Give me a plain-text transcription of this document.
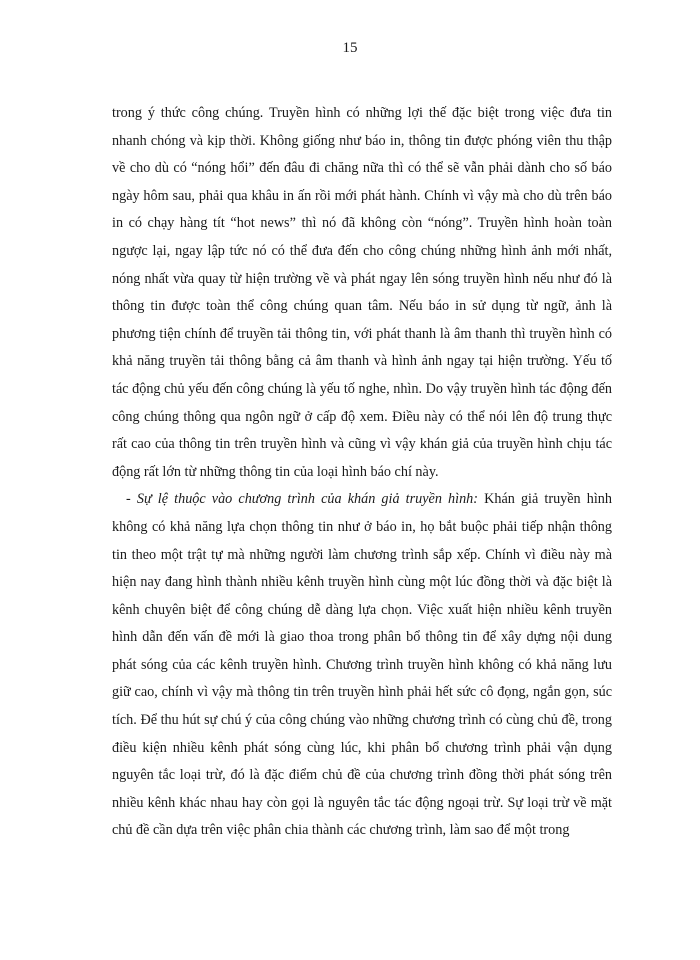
15

trong ý thức công chúng. Truyền hình có những lợi thế đặc biệt trong việc đưa tin nhanh chóng và kịp thời. Không giống như báo in, thông tin được phóng viên thu thập về cho dù có “nóng hổi” đến đâu đi chăng nữa thì có thể sẽ vẫn phải dành cho số báo ngày hôm sau, phải qua khâu in ấn rồi mới phát hành. Chính vì vậy mà cho dù trên báo in có chạy hàng tít “hot news” thì nó đã không còn “nóng”. Truyền hình hoàn toàn ngược lại, ngay lập tức nó có thể đưa đến cho công chúng những hình ảnh mới nhất, nóng nhất vừa quay từ hiện trường về và phát ngay lên sóng truyền hình nếu như đó là thông tin được toàn thể công chúng quan tâm. Nếu báo in sử dụng từ ngữ, ảnh là phương tiện chính để truyền tải thông tin, với phát thanh là âm thanh thì truyền hình có khả năng truyền tải thông bằng cả âm thanh và hình ảnh ngay tại hiện trường. Yếu tố tác động chủ yếu đến công chúng là yếu tố nghe, nhìn. Do vậy truyền hình tác động đến công chúng thông qua ngôn ngữ ở cấp độ xem. Điều này có thể nói lên độ trung thực rất cao của thông tin trên truyền hình và cũng vì vậy khán giả của truyền hình chịu tác động rất lớn từ những thông tin của loại hình báo chí này.

- Sự lệ thuộc vào chương trình của khán giả truyền hình: Khán giả truyền hình không có khả năng lựa chọn thông tin như ở báo in, họ bắt buộc phải tiếp nhận thông tin theo một trật tự mà những người làm chương trình sắp xếp. Chính vì điều này mà hiện nay đang hình thành nhiều kênh truyền hình cùng một lúc đồng thời và đặc biệt là kênh chuyên biệt để công chúng dễ dàng lựa chọn. Việc xuất hiện nhiều kênh truyền hình dẫn đến vấn đề mới là giao thoa trong phân bổ thông tin để xây dựng nội dung phát sóng của các kênh truyền hình. Chương trình truyền hình không có khả năng lưu giữ cao, chính vì vậy mà thông tin trên truyền hình phải hết sức cô đọng, ngắn gọn, súc tích. Để thu hút sự chú ý của công chúng vào những chương trình có cùng chủ đề, trong điều kiện nhiều kênh phát sóng cùng lúc, khi phân bổ chương trình phải vận dụng nguyên tắc loại trừ, đó là đặc điểm chủ đề của chương trình đồng thời phát sóng trên nhiều kênh khác nhau hay còn gọi là nguyên tắc tác động ngoại trừ. Sự loại trừ về mặt chủ đề cần dựa trên việc phân chia thành các chương trình, làm sao để một trong
